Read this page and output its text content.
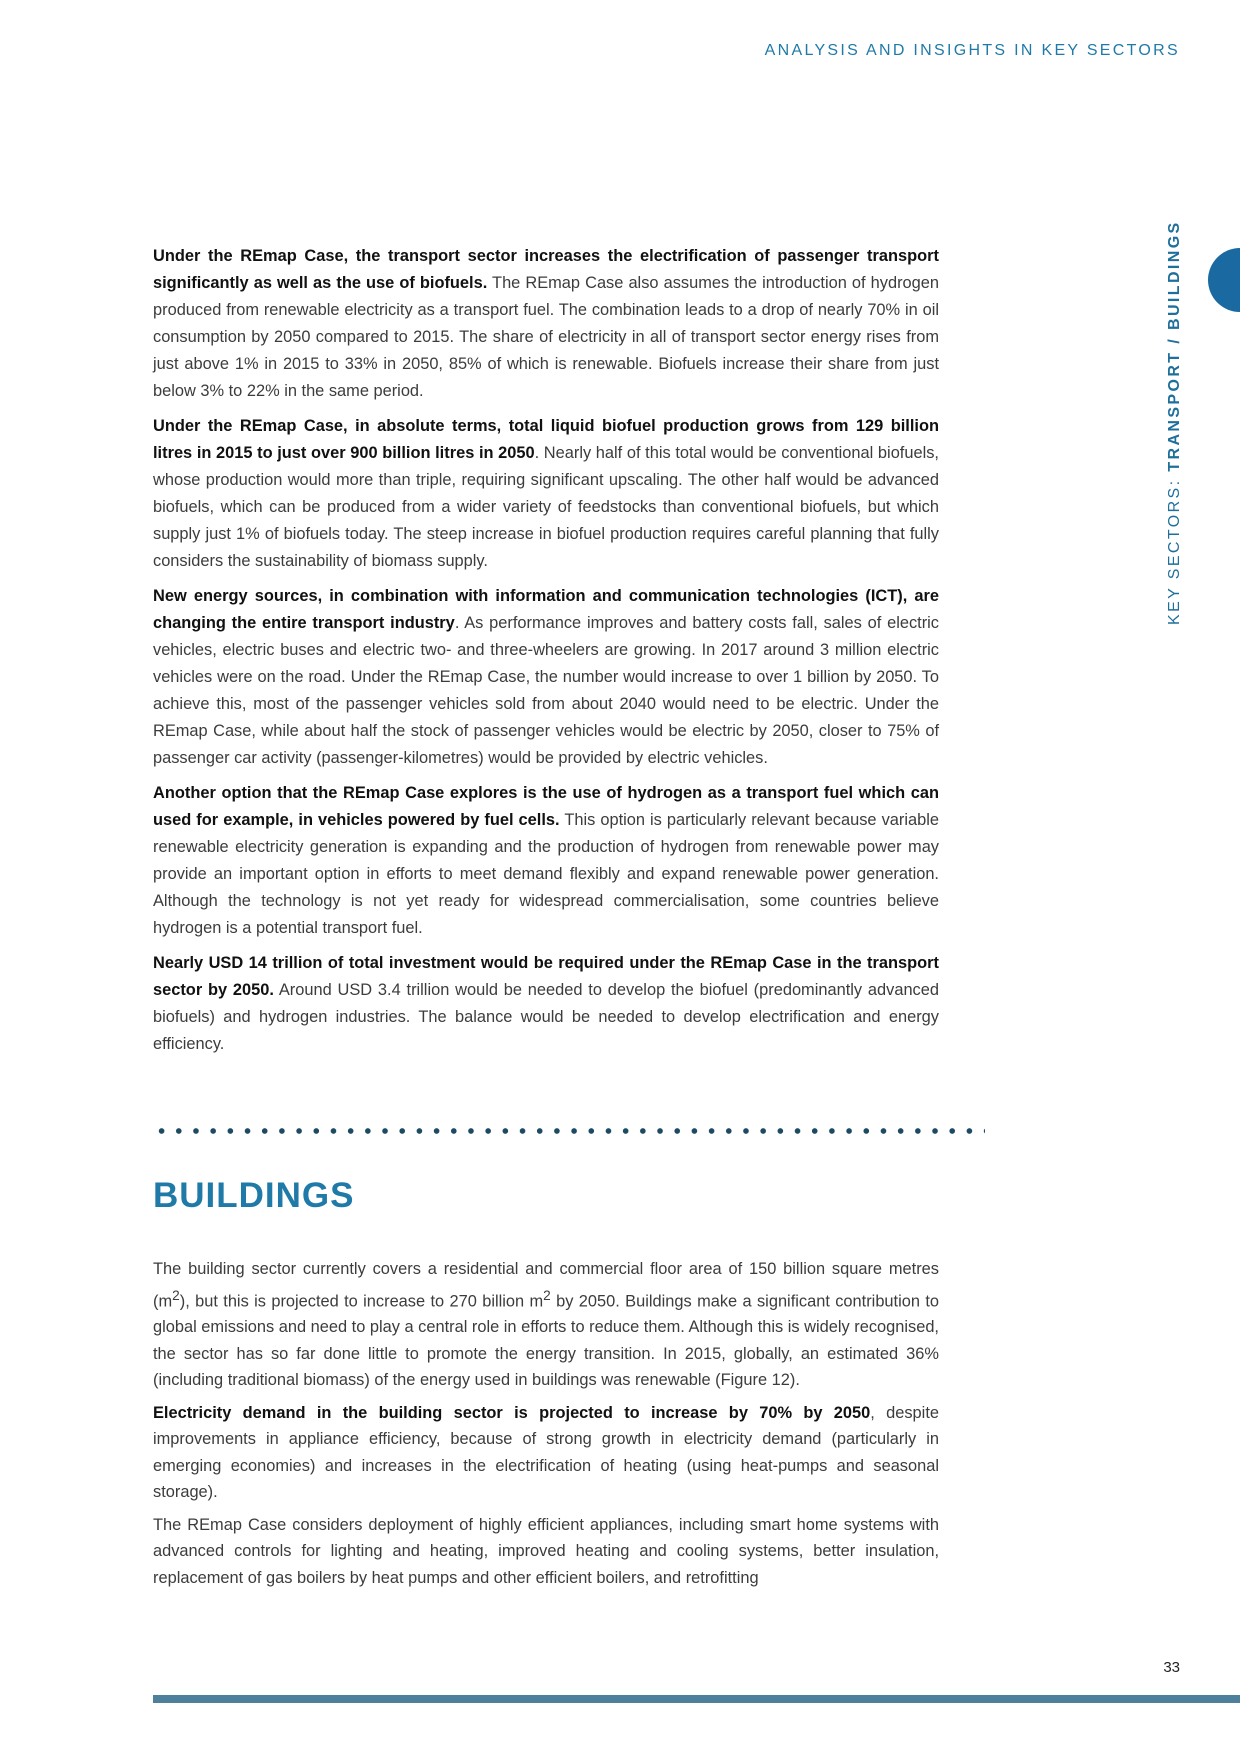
ANALYSIS AND INSIGHTS IN KEY SECTORS
KEY SECTORS: TRANSPORT / BUILDINGS

Under the REmap Case, the transport sector increases the electrification of passenger transport significantly as well as the use of biofuels. The REmap Case also assumes the introduction of hydrogen produced from renewable electricity as a transport fuel. The combination leads to a drop of nearly 70% in oil consumption by 2050 compared to 2015. The share of electricity in all of transport sector energy rises from just above 1% in 2015 to 33% in 2050, 85% of which is renewable. Biofuels increase their share from just below 3% to 22% in the same period.

Under the REmap Case, in absolute terms, total liquid biofuel production grows from 129 billion litres in 2015 to just over 900 billion litres in 2050. Nearly half of this total would be conventional biofuels, whose production would more than triple, requiring significant upscaling. The other half would be advanced biofuels, which can be produced from a wider variety of feedstocks than conventional biofuels, but which supply just 1% of biofuels today. The steep increase in biofuel production requires careful planning that fully considers the sustainability of biomass supply.

New energy sources, in combination with information and communication technologies (ICT), are changing the entire transport industry. As performance improves and battery costs fall, sales of electric vehicles, electric buses and electric two- and three-wheelers are growing. In 2017 around 3 million electric vehicles were on the road. Under the REmap Case, the number would increase to over 1 billion by 2050. To achieve this, most of the passenger vehicles sold from about 2040 would need to be electric. Under the REmap Case, while about half the stock of passenger vehicles would be electric by 2050, closer to 75% of passenger car activity (passenger-kilometres) would be provided by electric vehicles.

Another option that the REmap Case explores is the use of hydrogen as a transport fuel which can used for example, in vehicles powered by fuel cells. This option is particularly relevant because variable renewable electricity generation is expanding and the production of hydrogen from renewable power may provide an important option in efforts to meet demand flexibly and expand renewable power generation. Although the technology is not yet ready for widespread commercialisation, some countries believe hydrogen is a potential transport fuel.

Nearly USD 14 trillion of total investment would be required under the REmap Case in the transport sector by 2050. Around USD 3.4 trillion would be needed to develop the biofuel (predominantly advanced biofuels) and hydrogen industries. The balance would be needed to develop electrification and energy efficiency.

BUILDINGS

The building sector currently covers a residential and commercial floor area of 150 billion square metres $(m^2)$, but this is projected to increase to 270 billion $m^2$ by 2050. Buildings make a significant contribution to global emissions and need to play a central role in efforts to reduce them. Although this is widely recognised, the sector has so far done little to promote the energy transition. In 2015, globally, an estimated 36% (including traditional biomass) of the energy used in buildings was renewable (Figure 12).

Electricity demand in the building sector is projected to increase by 70% by 2050, despite improvements in appliance efficiency, because of strong growth in electricity demand (particularly in emerging economies) and increases in the electrification of heating (using heat-pumps and seasonal storage).

The REmap Case considers deployment of highly efficient appliances, including smart home systems with advanced controls for lighting and heating, improved heating and cooling systems, better insulation, replacement of gas boilers by heat pumps and other efficient boilers, and retrofitting

33
